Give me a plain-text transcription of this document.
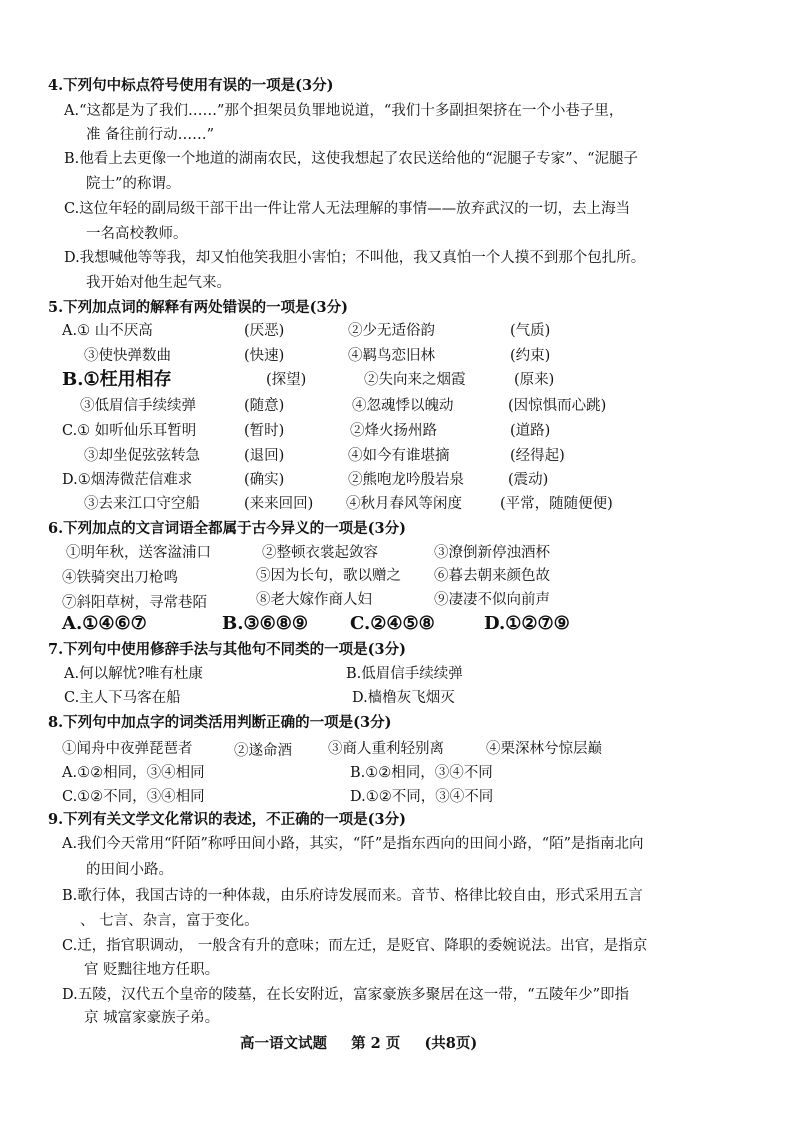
4.下列句中标点符号使用有误的一项是(3分)
A.“这都是为了我们……”那个担架员负罪地说道，“我们十多副担架挤在一个小巷子里，
准 备往前行动……”
B.他看上去更像一个地道的湖南农民，这使我想起了农民送给他的“泥腿子专家”、“泥腿子
院士”的称谓。
C.这位年轻的副局级干部干出一件让常人无法理解的事情——放弃武汉的一切，去上海当
一名高校教师。
D.我想喊他等等我，却又怕他笑我胆小害怕；不叫他，我又真怕一个人摸不到那个包扎所。
我开始对他生起气来。
5.下列加点词的解释有两处错误的一项是(3分)
A.① 山不厌高	(厌恶)	②少无适俗韵	(气质)
③使快弹数曲	(快速)	④羁鸟恋旧林	(约束)
B.①枉用相存	(探望)	②失向来之烟霞	(原来)
③低眉信手续续弹	(随意)	④忽魂悸以魄动	(因惊惧而心跳)
C.① 如听仙乐耳暂明	(暂时)	②烽火扬州路	(道路)
③却坐促弦弦转急	(退回)	④如今有谁堪摘	(经得起)
D.①烟涛微茫信难求	(确实)	②熊咆龙吟殷岩泉	(震动)
③去来江口守空船	(来来回回) ④秋月春风等闲度	(平常，随随便便)
6.下列加点的文言词语全都属于古今异义的一项是(3分)
①明年秋，送客湓浦口	②整顿衣裳起敛容	③潦倒新停浊酒杯
④铁骑突出刀枪鸣	⑤因为长句，歌以赠之 ⑥暮去朝来颜色故
⑦斜阳草树，寻常巷陌	⑧老大嫁作商人妇	⑨凄凄不似向前声
A.①④⑥⑦	B.③⑥⑧⑨ C.②④⑤⑧	D.①②⑦⑨
7.下列句中使用修辞手法与其他句不同类的一项是(3分)
A.何以解忧?唯有杜康	B.低眉信手续续弹
C.主人下马客在船	D.樯橹灰飞烟灭
8.下列句中加点字的词类活用判断正确的一项是(3分)
①闻舟中夜弹琵琶者	②遂命酒 ③商人重利轻别离	④栗深林兮惊层巅
A.①②相同，③④相同	B.①②相同，③④不同
C.①②不同，③④相同	D.①②不同，③④不同
9.下列有关文学文化常识的表述，不正确的一项是(3分)
A.我们今天常用“阡陌”称呼田间小路，其实，“阡”是指东西向的田间小路，“陌”是指南北向
的田间小路。
B.歌行体，我国古诗的一种体裁，由乐府诗发展而来。音节、格律比较自由，形式采用五言
、 七言、杂言，富于变化。
C.迁，指官职调动， 一般含有升的意味；而左迁，是贬官、降职的委婉说法。出官，是指京
官 贬黜往地方任职。
D.五陵，汉代五个皇帝的陵墓，在长安附近，富家豪族多聚居在这一带，“五陵年少”即指
京 城富家豪族子弟。
高一语文试题 第 2 页 (共8页)
